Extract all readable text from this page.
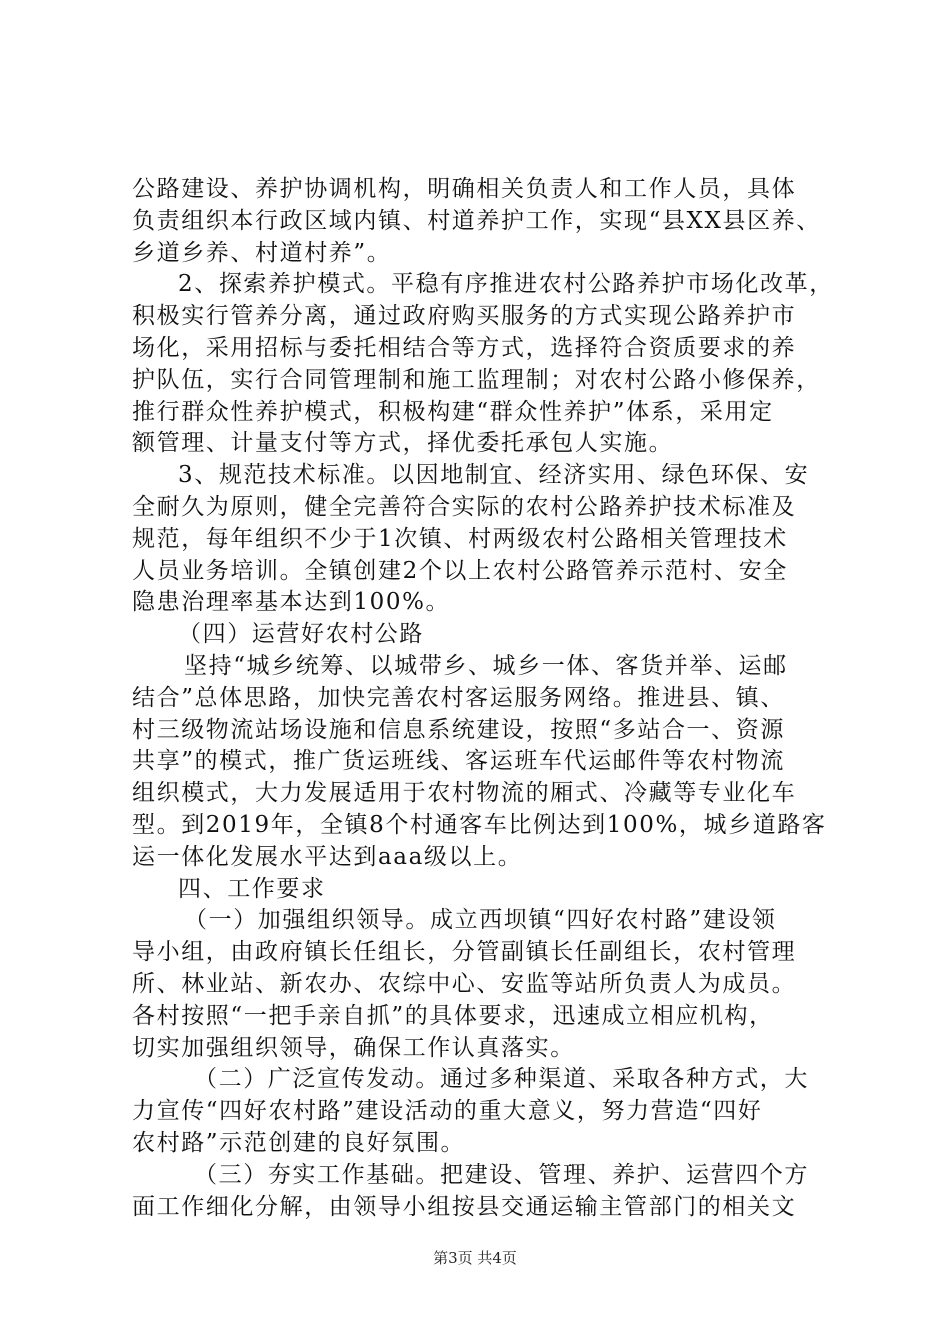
公路建设、养护协调机构，明确相关负责人和工作人员，具体
负责组织本行政区域内镇、村道养护工作，实现“县XX县区养、
乡道乡养、村道村养”。
2、探索养护模式。平稳有序推进农村公路养护市场化改革，
积极实行管养分离，通过政府购买服务的方式实现公路养护市
场化，采用招标与委托相结合等方式，选择符合资质要求的养
护队伍，实行合同管理制和施工监理制；对农村公路小修保养，
推行群众性养护模式，积极构建“群众性养护”体系，采用定
额管理、计量支付等方式，择优委托承包人实施。
3、规范技术标准。以因地制宜、经济实用、绿色环保、安
全耐久为原则，健全完善符合实际的农村公路养护技术标准及
规范，每年组织不少于1次镇、村两级农村公路相关管理技术
人员业务培训。全镇创建2个以上农村公路管养示范村、安全
隐患治理率基本达到100%。
（四）运营好农村公路
坚持“城乡统筹、以城带乡、城乡一体、客货并举、运邮
结合”总体思路，加快完善农村客运服务网络。推进县、镇、
村三级物流站场设施和信息系统建设，按照“多站合一、资源
共享”的模式，推广货运班线、客运班车代运邮件等农村物流
组织模式，大力发展适用于农村物流的厢式、冷藏等专业化车
型。到2019年，全镇8个村通客车比例达到100%，城乡道路客
运一体化发展水平达到aaa级以上。
四、工作要求
（一）加强组织领导。成立西坝镇“四好农村路”建设领
导小组，由政府镇长任组长，分管副镇长任副组长，农村管理
所、林业站、新农办、农综中心、安监等站所负责人为成员。
各村按照“一把手亲自抓”的具体要求，迅速成立相应机构，
切实加强组织领导，确保工作认真落实。
（二）广泛宣传发动。通过多种渠道、采取各种方式，大
力宣传“四好农村路”建设活动的重大意义，努力营造“四好
农村路”示范创建的良好氛围。
（三）夯实工作基础。把建设、管理、养护、运营四个方
面工作细化分解，由领导小组按县交通运输主管部门的相关文
第3页 共4页
